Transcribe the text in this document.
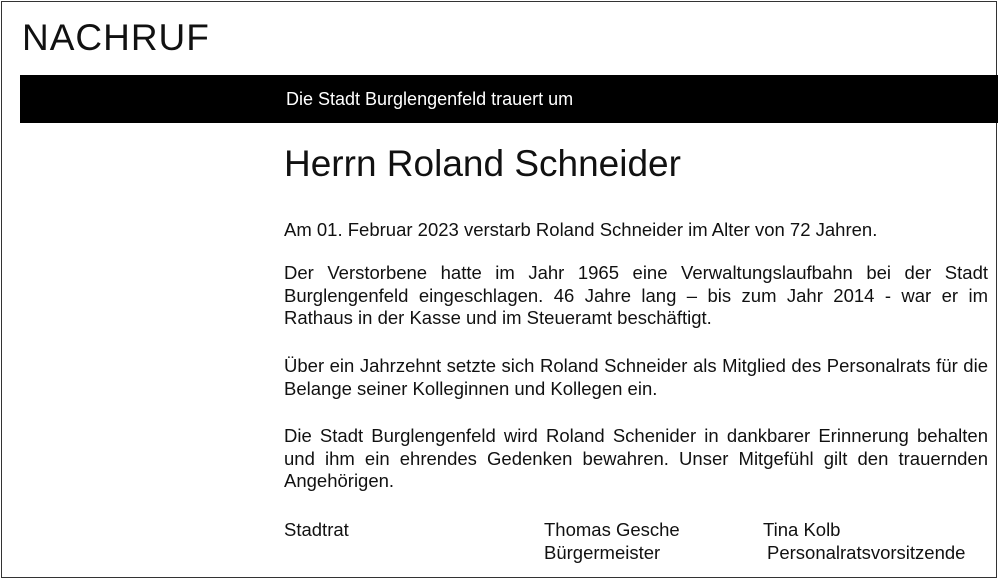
NACHRUF
Die Stadt Burglengenfeld trauert um
Herrn Roland Schneider
Am 01. Februar 2023 verstarb Roland Schneider im Alter von 72 Jahren.
Der Verstorbene hatte im Jahr 1965 eine Verwaltungslaufbahn bei der Stadt Burglengenfeld eingeschlagen. 46 Jahre lang – bis zum Jahr 2014 - war er im Rathaus in der Kasse und im Steueramt beschäftigt.
Über ein Jahrzehnt setzte sich Roland Schneider als Mitglied des Personalrats für die Belange seiner Kolleginnen und Kollegen ein.
Die Stadt Burglengenfeld wird Roland Schenider in dankbarer Erinnerung behalten und ihm ein ehrendes Gedenken bewahren. Unser Mitgefühl gilt den trauernden Angehörigen.
Stadtrat	Thomas Gesche
Bürgermeister
Tina Kolb
Personalratsvorsitzende
